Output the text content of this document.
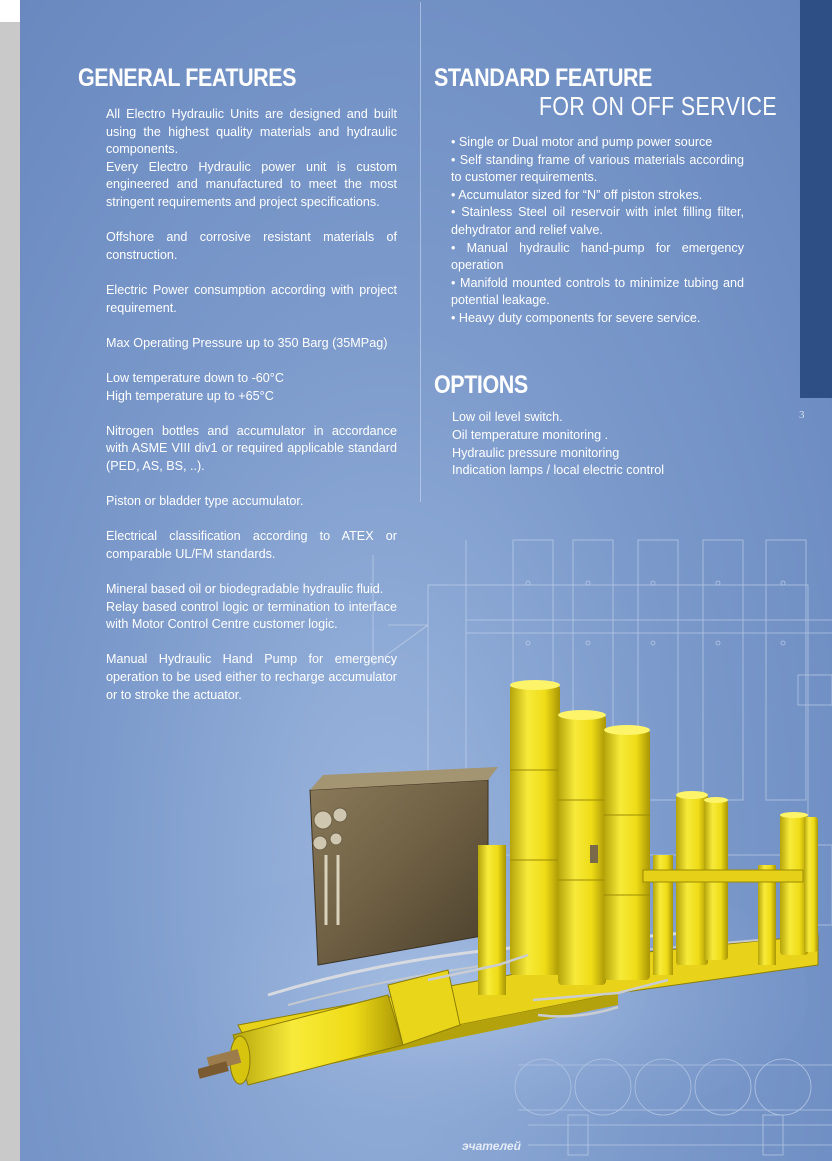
3
GENERAL FEATURES

All Electro Hydraulic Units are designed and built using the highest quality materials and hydraulic components.

Every Electro Hydraulic power unit is custom engineered and manufactured to meet the most stringent requirements and project specifications.

Offshore and corrosive resistant materials of construction.

Electric Power consumption according with project requirement.

Max Operating Pressure up to 350 Barg (35MPag)

Low temperature down to -60°C

High temperature up to +65°C

Nitrogen bottles and accumulator in accordance with ASME VIII div1 or required applicable standard (PED, AS, BS, ..).

Piston or bladder type accumulator.

Electrical classification according to ATEX or comparable UL/FM standards.

Mineral based oil or biodegradable hydraulic fluid.

Relay based control logic or termination to interface with Motor Control Centre customer logic.

Manual Hydraulic Hand Pump for emergency operation to be used either to recharge accumulator or to stroke the actuator.

STANDARD FEATURE
FOR ON OFF SERVICE
• Single or Dual motor and pump power source
• Self standing frame of various materials according to customer requirements.
• Accumulator sized for “N” off piston strokes.
• Stainless Steel oil reservoir with inlet filling filter, dehydrator and relief valve.
• Manual hydraulic hand-pump for emergency operation
• Manifold mounted controls to minimize tubing and potential leakage.
• Heavy duty components for severe service.
OPTIONS
Low oil level switch.
Oil temperature monitoring .
Hydraulic pressure monitoring
Indication lamps / local electric control
эчателей
